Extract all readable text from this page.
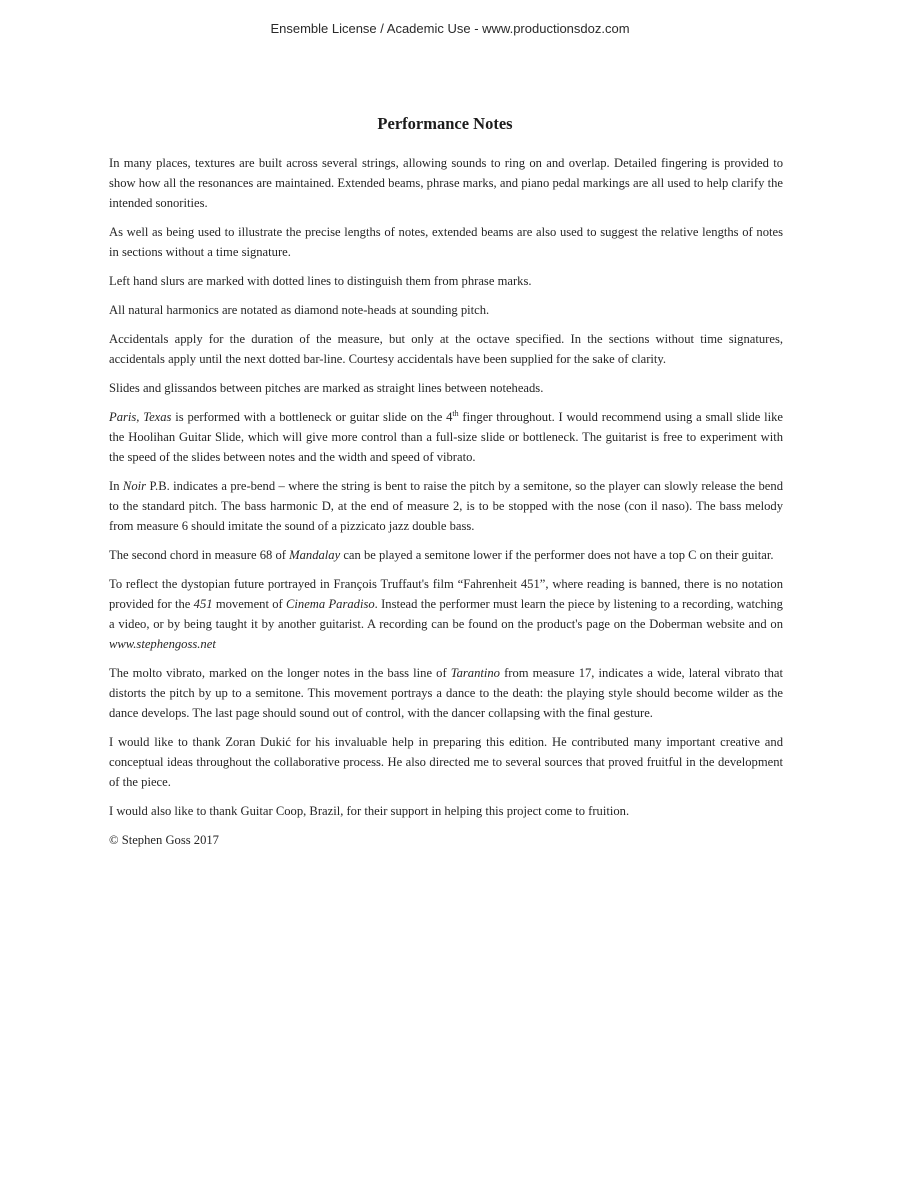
Ensemble License / Academic Use - www.productionsdoz.com
Performance Notes

In many places, textures are built across several strings, allowing sounds to ring on and overlap. Detailed fingering is provided to show how all the resonances are maintained. Extended beams, phrase marks, and piano pedal markings are all used to help clarify the intended sonorities.

As well as being used to illustrate the precise lengths of notes, extended beams are also used to suggest the relative lengths of notes in sections without a time signature.

Left hand slurs are marked with dotted lines to distinguish them from phrase marks.

All natural harmonics are notated as diamond note-heads at sounding pitch.

Accidentals apply for the duration of the measure, but only at the octave specified. In the sections without time signatures, accidentals apply until the next dotted bar-line. Courtesy accidentals have been supplied for the sake of clarity.

Slides and glissandos between pitches are marked as straight lines between noteheads.

Paris, Texas is performed with a bottleneck or guitar slide on the 4th finger throughout. I would recommend using a small slide like the Hoolihan Guitar Slide, which will give more control than a full-size slide or bottleneck. The guitarist is free to experiment with the speed of the slides between notes and the width and speed of vibrato.

In Noir P.B. indicates a pre-bend – where the string is bent to raise the pitch by a semitone, so the player can slowly release the bend to the standard pitch. The bass harmonic D, at the end of measure 2, is to be stopped with the nose (con il naso). The bass melody from measure 6 should imitate the sound of a pizzicato jazz double bass.

The second chord in measure 68 of Mandalay can be played a semitone lower if the performer does not have a top C on their guitar.

To reflect the dystopian future portrayed in François Truffaut's film “Fahrenheit 451”, where reading is banned, there is no notation provided for the 451 movement of Cinema Paradiso. Instead the performer must learn the piece by listening to a recording, watching a video, or by being taught it by another guitarist. A recording can be found on the product's page on the Doberman website and on www.stephengoss.net

The molto vibrato, marked on the longer notes in the bass line of Tarantino from measure 17, indicates a wide, lateral vibrato that distorts the pitch by up to a semitone. This movement portrays a dance to the death: the playing style should become wilder as the dance develops. The last page should sound out of control, with the dancer collapsing with the final gesture.

I would like to thank Zoran Dukić for his invaluable help in preparing this edition. He contributed many important creative and conceptual ideas throughout the collaborative process. He also directed me to several sources that proved fruitful in the development of the piece.

I would also like to thank Guitar Coop, Brazil, for their support in helping this project come to fruition.

© Stephen Goss 2017
